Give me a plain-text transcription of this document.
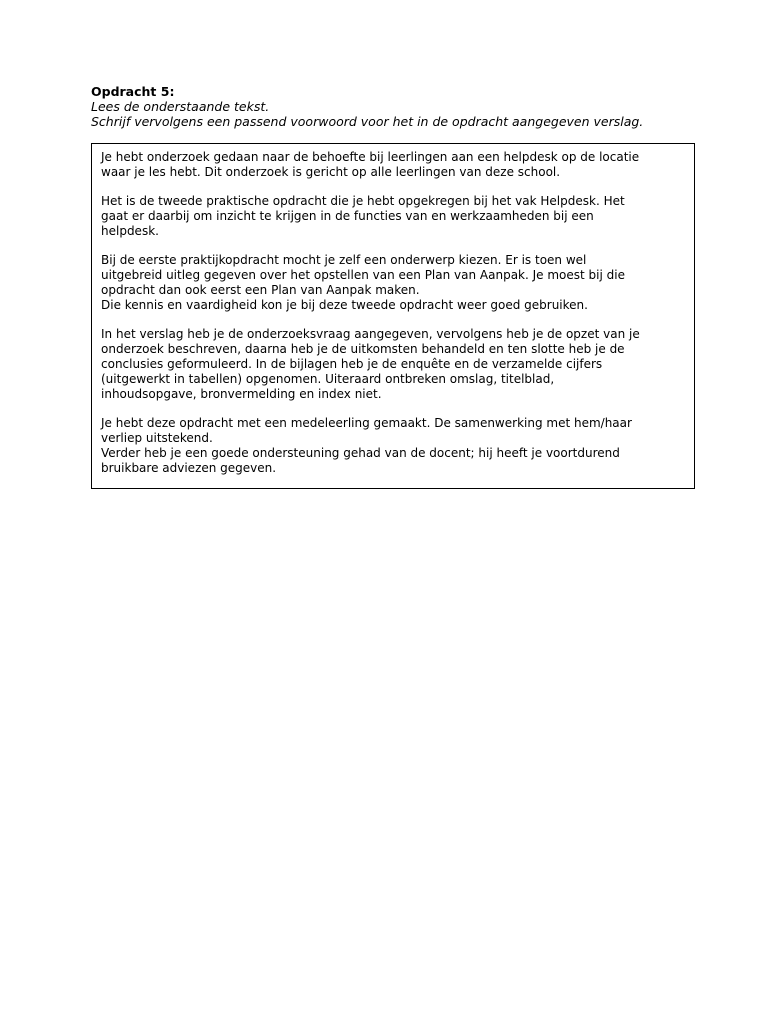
Opdracht 5:

Lees de onderstaande tekst.

Schrijf vervolgens een passend voorwoord voor het in de opdracht aangegeven verslag.

Je hebt onderzoek gedaan naar de behoefte bij leerlingen aan een helpdesk op de locatie
waar je les hebt. Dit onderzoek is gericht op alle leerlingen van deze school.

Het is de tweede praktische opdracht die je hebt opgekregen bij het vak Helpdesk. Het
gaat er daarbij om inzicht te krijgen in de functies van en werkzaamheden bij een
helpdesk.

Bij de eerste praktijkopdracht mocht je zelf een onderwerp kiezen. Er is toen wel
uitgebreid uitleg gegeven over het opstellen van een Plan van Aanpak. Je moest bij die
opdracht dan ook eerst een Plan van Aanpak maken.
Die kennis en vaardigheid kon je bij deze tweede opdracht weer goed gebruiken.

In het verslag heb je de onderzoeksvraag aangegeven, vervolgens heb je de opzet van je
onderzoek beschreven, daarna heb je de uitkomsten behandeld en ten slotte heb je de
conclusies geformuleerd. In de bijlagen heb je de enquête en de verzamelde cijfers
(uitgewerkt in tabellen) opgenomen. Uiteraard ontbreken omslag, titelblad,
inhoudsopgave, bronvermelding en index niet.

Je hebt deze opdracht met een medeleerling gemaakt. De samenwerking met hem/haar
verliep uitstekend.
Verder heb je een goede ondersteuning gehad van de docent; hij heeft je voortdurend
bruikbare adviezen gegeven.
